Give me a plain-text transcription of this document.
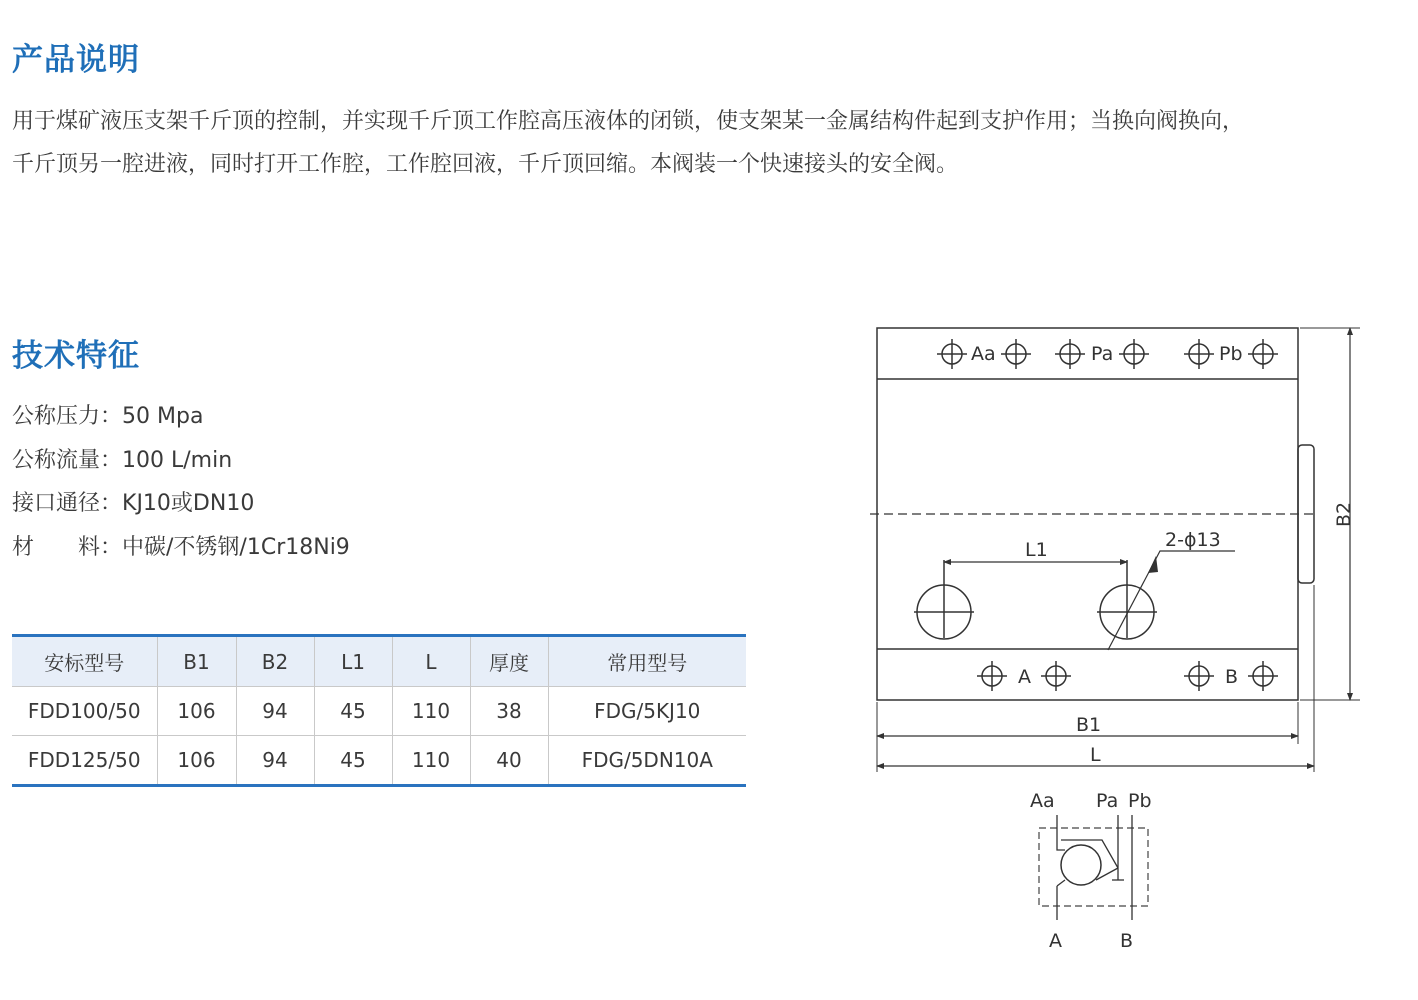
产品说明
用于煤矿液压支架千斤顶的控制，并实现千斤顶工作腔高压液体的闭锁，使支架某一金属结构件起到支护作用；当换向阀换向，
千斤顶另一腔进液，同时打开工作腔，工作腔回液，千斤顶回缩。本阀装一个快速接头的安全阀。
技术特征
公称压力：50 Mpa
公称流量：100 L/min
接口通径：KJ10或DN10
材　　料：中碳/不锈钢/1Cr18Ni9
安标型号	B1	B2	L1	L	厚度	常用型号
FDD100/50	106	94	45	110	38	FDG/5KJ10
FDD125/50	106	94	45	110	40	FDG/5DN10A
Aa	Pa	Pb
A	B
L1	2-ϕ13
B1
L
B2
Aa Pa Pb
A	B
